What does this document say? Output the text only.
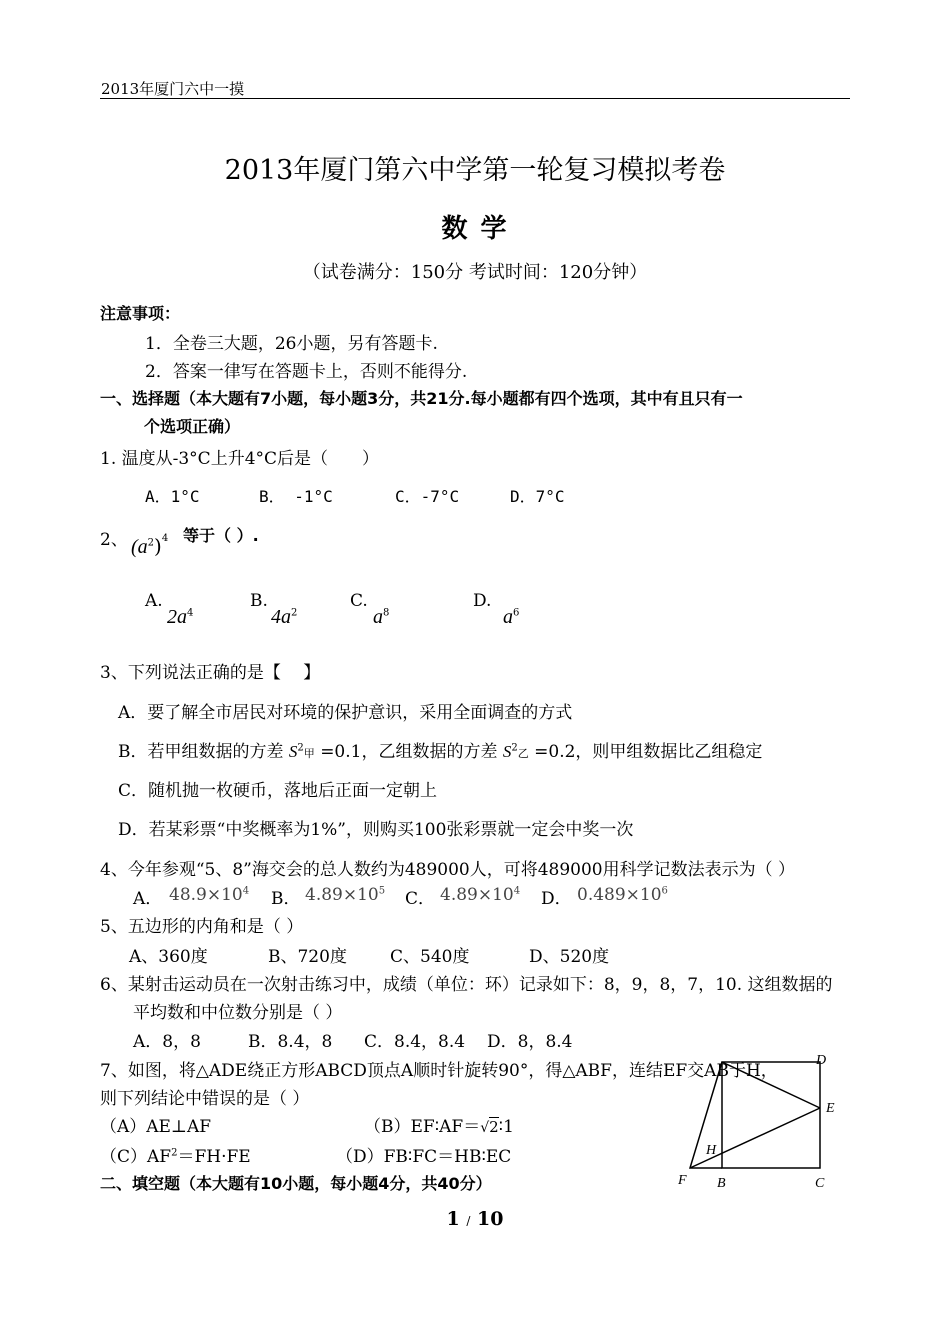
2013年厦门六中一摸
2013年厦门第六中学第一轮复习模拟考卷
数 学
（试卷满分：150分 考试时间：120分钟）
注意事项：
1．全卷三大题，26小题，另有答题卡.
2．答案一律写在答题卡上，否则不能得分.
一、选择题（本大题有7小题，每小题3分，共21分.每小题都有四个选项，其中有且只有一
个选项正确）
1. 温度从-3°C上升4°C后是（　　）
A．1°C	B． -1°C	C．-7°C	D．7°C
2、 $(a^2)^4$ 等于（ ）.
A.
$2a^4$
B.
$4a^2$
C.
$a^8$
D.
$a^6$
3、下列说法正确的是【　 】
A．要了解全市居民对环境的保护意识，采用全面调查的方式
B．若甲组数据的方差 $S^2$甲 =0.1，乙组数据的方差 $S^2$乙 =0.2，则甲组数据比乙组稳定
C．随机抛一枚硬币，落地后正面一定朝上
D．若某彩票“中奖概率为1%”，则购买100张彩票就一定会中奖一次
4、今年参观“5、8”海交会的总人数约为489000人，可将489000用科学记数法表示为（ ）
A． $48.9\times 10^4$ B． $4.89\times 10^5$ C． $4.89\times 10^4$ D． $0.489\times 10^6$
5、五边形的内角和是（ ）
A、360度	B、720度	C、540度	D、520度
6、某射击运动员在一次射击练习中，成绩（单位：环）记录如下：8，9，8，7，10. 这组数据的
平均数和中位数分别是（ ）
A．8，8	B．8.4，8 C．8.4，8.4 D．8，8.4
7、如图，将△ADE绕正方形ABCD顶点A顺时针旋转90°，得△ABF，连结EF交AB于H，
则下列结论中错误的是（ ）
（A）AE⊥AF	（B）EF∶AF＝√2∶1
$(C)AF^2=FH\cdot FE$	（D）FB∶FC＝HB∶EC
D
E
H
F B	C
二、填空题（本大题有10小题，每小题4分，共40分）
1 / 10
